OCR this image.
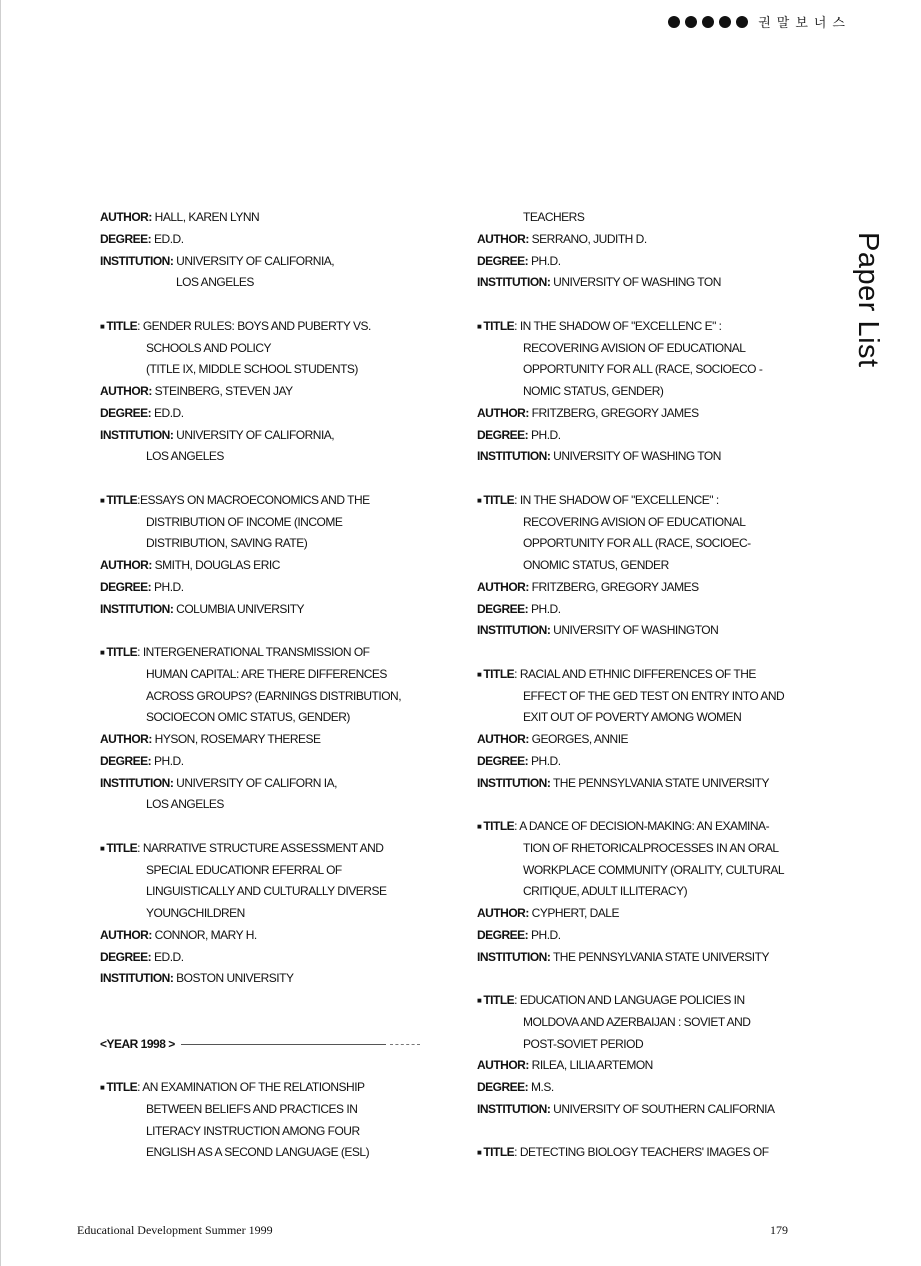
권말보너스
Paper List
AUTHOR: HALL, KAREN LYNN
DEGREE: ED.D.
INSTITUTION: UNIVERSITY OF CALIFORNIA,
LOS ANGELES
■ TITLE: GENDER RULES: BOYS AND PUBERTY VS.
SCHOOLS AND POLICY
(TITLE IX, MIDDLE SCHOOL STUDENTS)
AUTHOR: STEINBERG, STEVEN JAY
DEGREE: ED.D.
INSTITUTION: UNIVERSITY OF CALIFORNIA,
LOS ANGELES
■ TITLE:ESSAYS ON MACROECONOMICS AND THE
DISTRIBUTION OF INCOME (INCOME
DISTRIBUTION, SAVING RATE)
AUTHOR: SMITH, DOUGLAS ERIC
DEGREE: PH.D.
INSTITUTION: COLUMBIA UNIVERSITY
■ TITLE: INTERGENERATIONAL TRANSMISSION OF
HUMAN CAPITAL: ARE THERE DIFFERENCES
ACROSS GROUPS? (EARNINGS DISTRIBUTION,
SOCIOECON OMIC STATUS, GENDER)
AUTHOR: HYSON, ROSEMARY THERESE
DEGREE: PH.D.
INSTITUTION: UNIVERSITY OF CALIFORN IA,
LOS ANGELES
■ TITLE: NARRATIVE STRUCTURE ASSESSMENT AND
SPECIAL EDUCATIONR EFERRAL OF
LINGUISTICALLY AND CULTURALLY DIVERSE
YOUNGCHILDREN
AUTHOR: CONNOR, MARY H.
DEGREE: ED.D.
INSTITUTION: BOSTON UNIVERSITY
<YEAR 1998 >
■ TITLE: AN EXAMINATION OF THE RELATIONSHIP
BETWEEN BELIEFS AND PRACTICES IN
LITERACY INSTRUCTION AMONG FOUR
ENGLISH AS A SECOND LANGUAGE (ESL)
TEACHERS
AUTHOR: SERRANO, JUDITH D.
DEGREE: PH.D.
INSTITUTION: UNIVERSITY OF WASHING TON
■ TITLE: IN THE SHADOW OF "EXCELLENC E" :
RECOVERING AVISION OF EDUCATIONAL
OPPORTUNITY FOR ALL (RACE, SOCIOECO -
NOMIC STATUS, GENDER)
AUTHOR: FRITZBERG, GREGORY JAMES
DEGREE: PH.D.
INSTITUTION: UNIVERSITY OF WASHING TON
■ TITLE: IN THE SHADOW OF "EXCELLENCE" :
RECOVERING AVISION OF EDUCATIONAL
OPPORTUNITY FOR ALL (RACE, SOCIOEC-
ONOMIC STATUS, GENDER
AUTHOR: FRITZBERG, GREGORY JAMES
DEGREE: PH.D.
INSTITUTION: UNIVERSITY OF WASHINGTON
■ TITLE: RACIAL AND ETHNIC DIFFERENCES OF THE
EFFECT OF THE GED TEST ON ENTRY INTO AND
EXIT OUT OF POVERTY AMONG WOMEN
AUTHOR: GEORGES, ANNIE
DEGREE: PH.D.
INSTITUTION: THE PENNSYLVANIA STATE UNIVERSITY
■ TITLE: A DANCE OF DECISION-MAKING: AN EXAMINA-
TION OF RHETORICALPROCESSES IN AN ORAL
WORKPLACE COMMUNITY (ORALITY, CULTURAL
CRITIQUE, ADULT ILLITERACY)
AUTHOR: CYPHERT, DALE
DEGREE: PH.D.
INSTITUTION: THE PENNSYLVANIA STATE UNIVERSITY
■ TITLE: EDUCATION AND LANGUAGE POLICIES IN
MOLDOVA AND AZERBAIJAN : SOVIET AND
POST-SOVIET PERIOD
AUTHOR: RILEA, LILIA ARTEMON
DEGREE: M.S.
INSTITUTION: UNIVERSITY OF SOUTHERN CALIFORNIA
■ TITLE: DETECTING BIOLOGY TEACHERS' IMAGES OF
Educational Development Summer 1999	179
